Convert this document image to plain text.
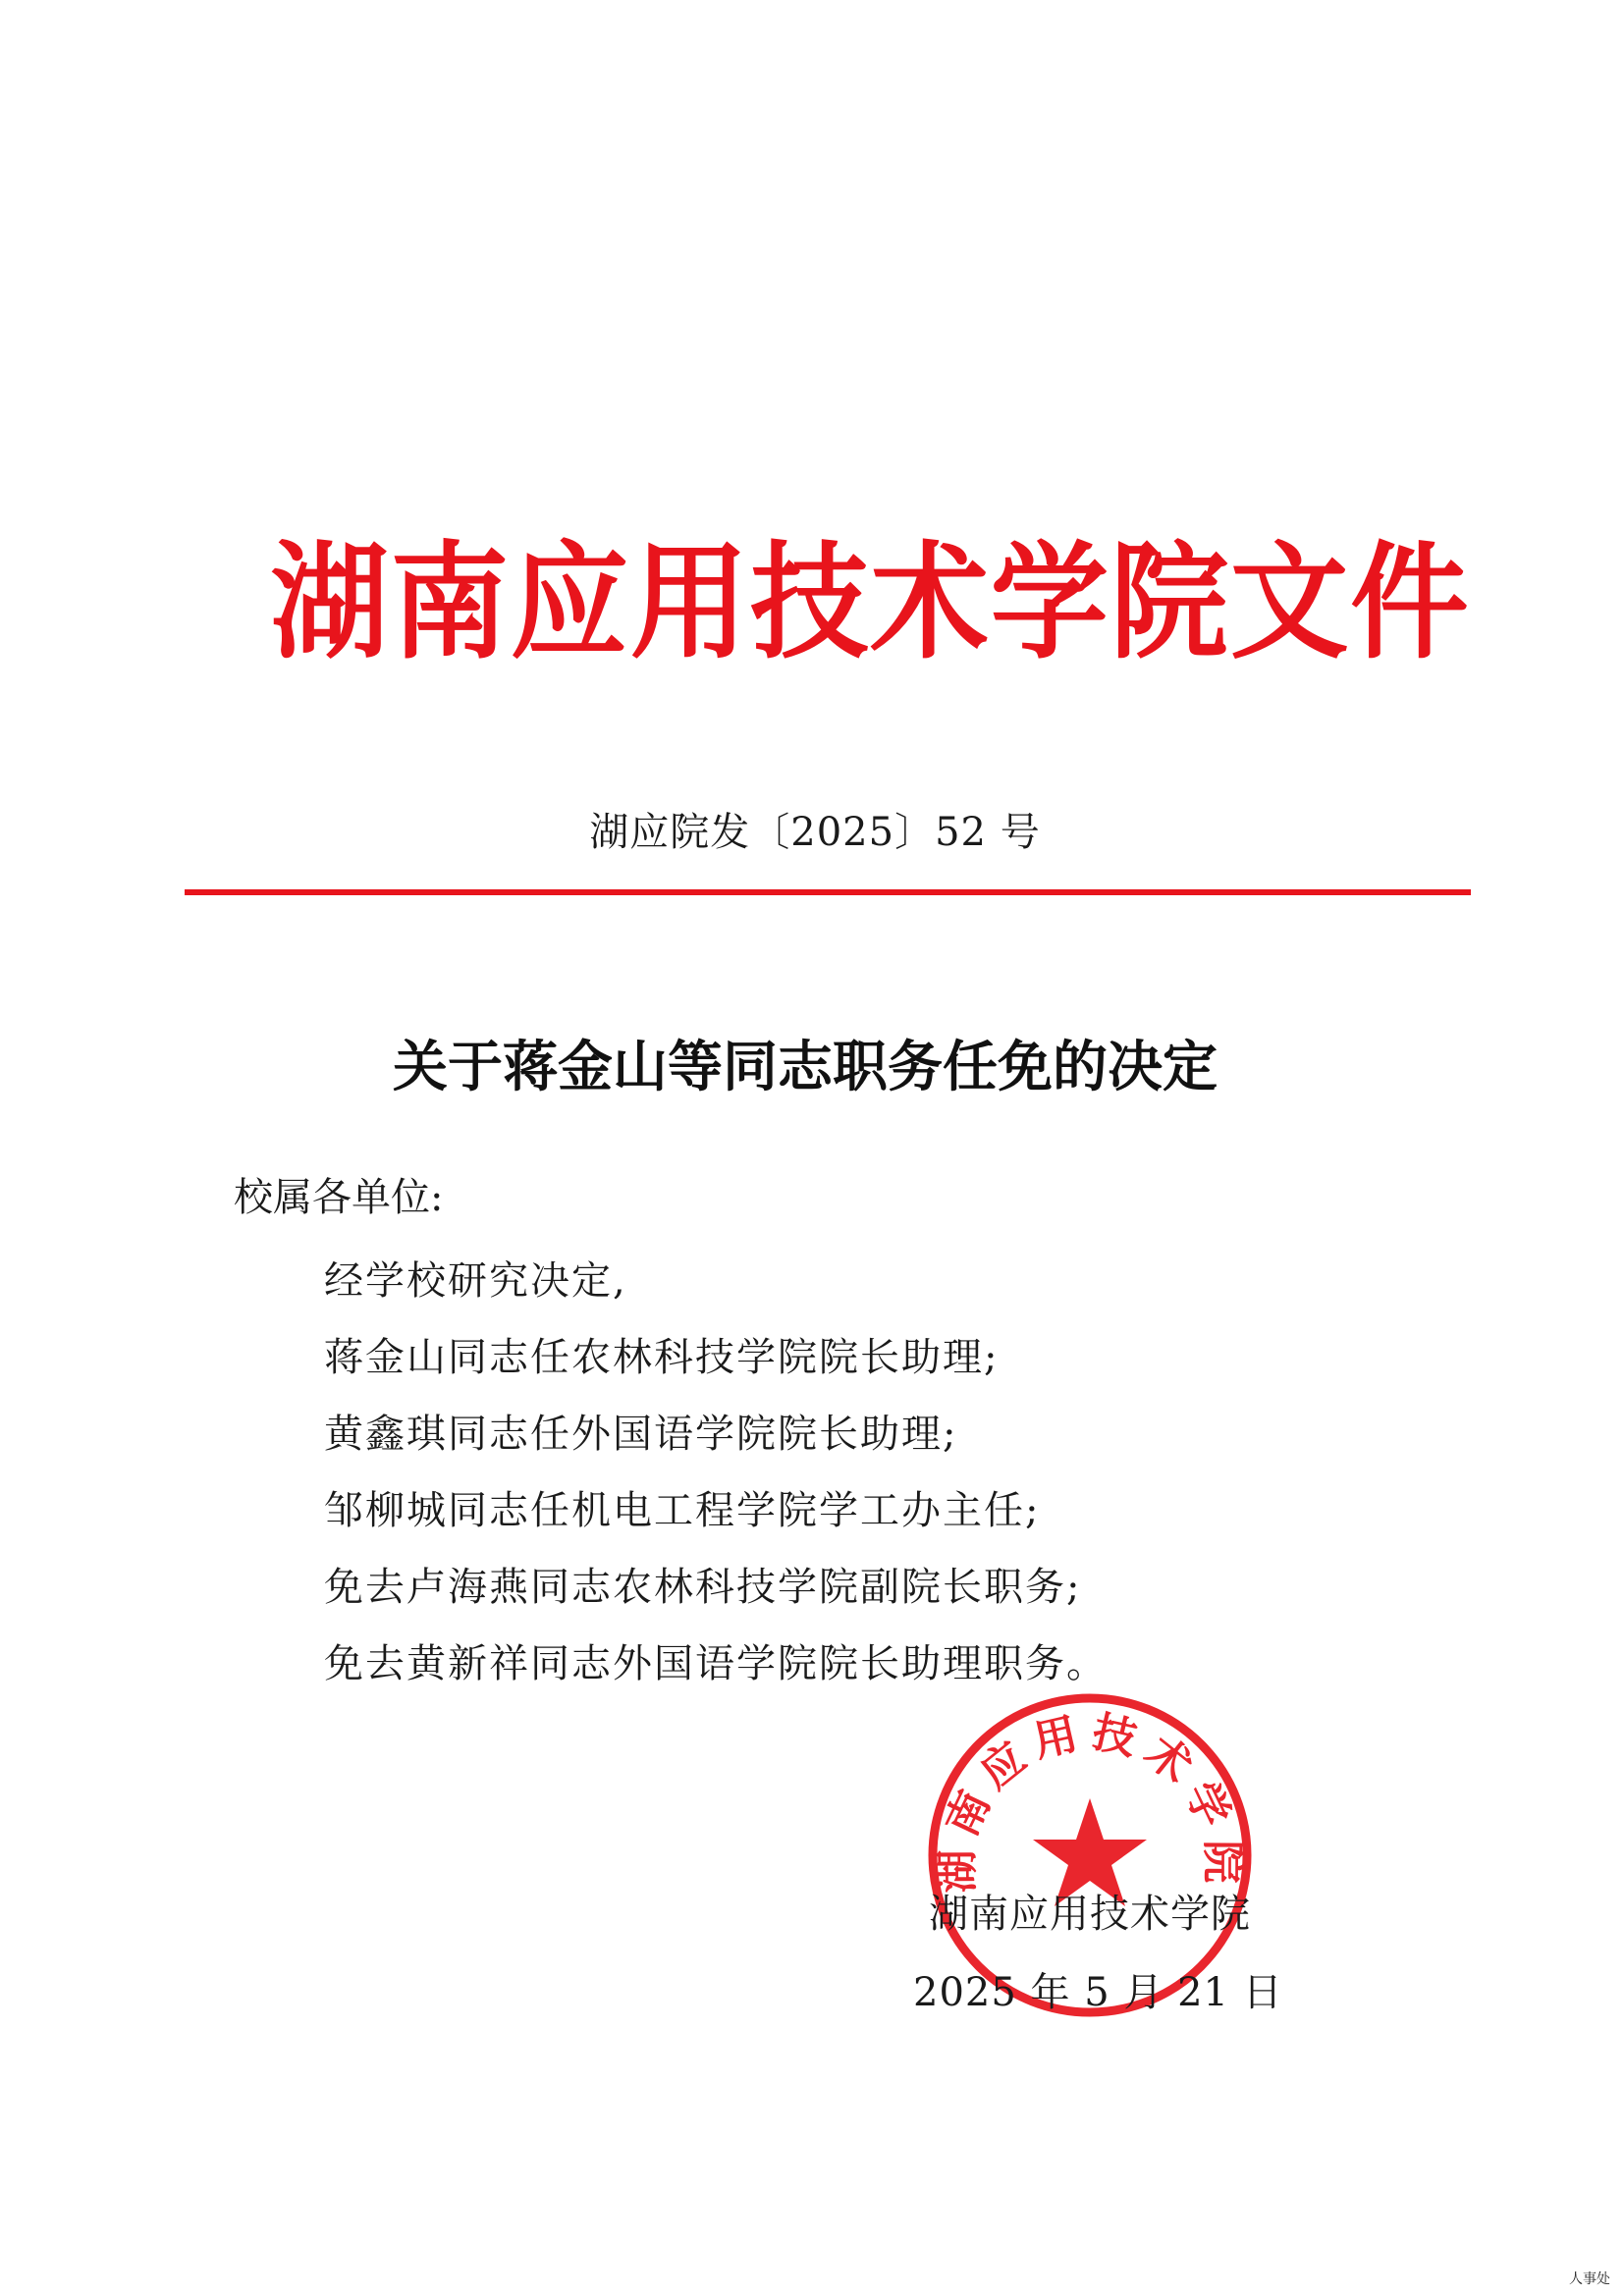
湖南应用技术学院文件
湖应院发〔2025〕52 号
关于蒋金山等同志职务任免的决定
校属各单位:
经学校研究决定,
蒋金山同志任农林科技学院院长助理;
黄鑫琪同志任外国语学院院长助理;
邹柳城同志任机电工程学院学工办主任;
免去卢海燕同志农林科技学院副院长职务;
免去黄新祥同志外国语学院院长助理职务。
湖南应用技术学院
湖南应用技术学院
2025 年 5 月 21 日
人事处
